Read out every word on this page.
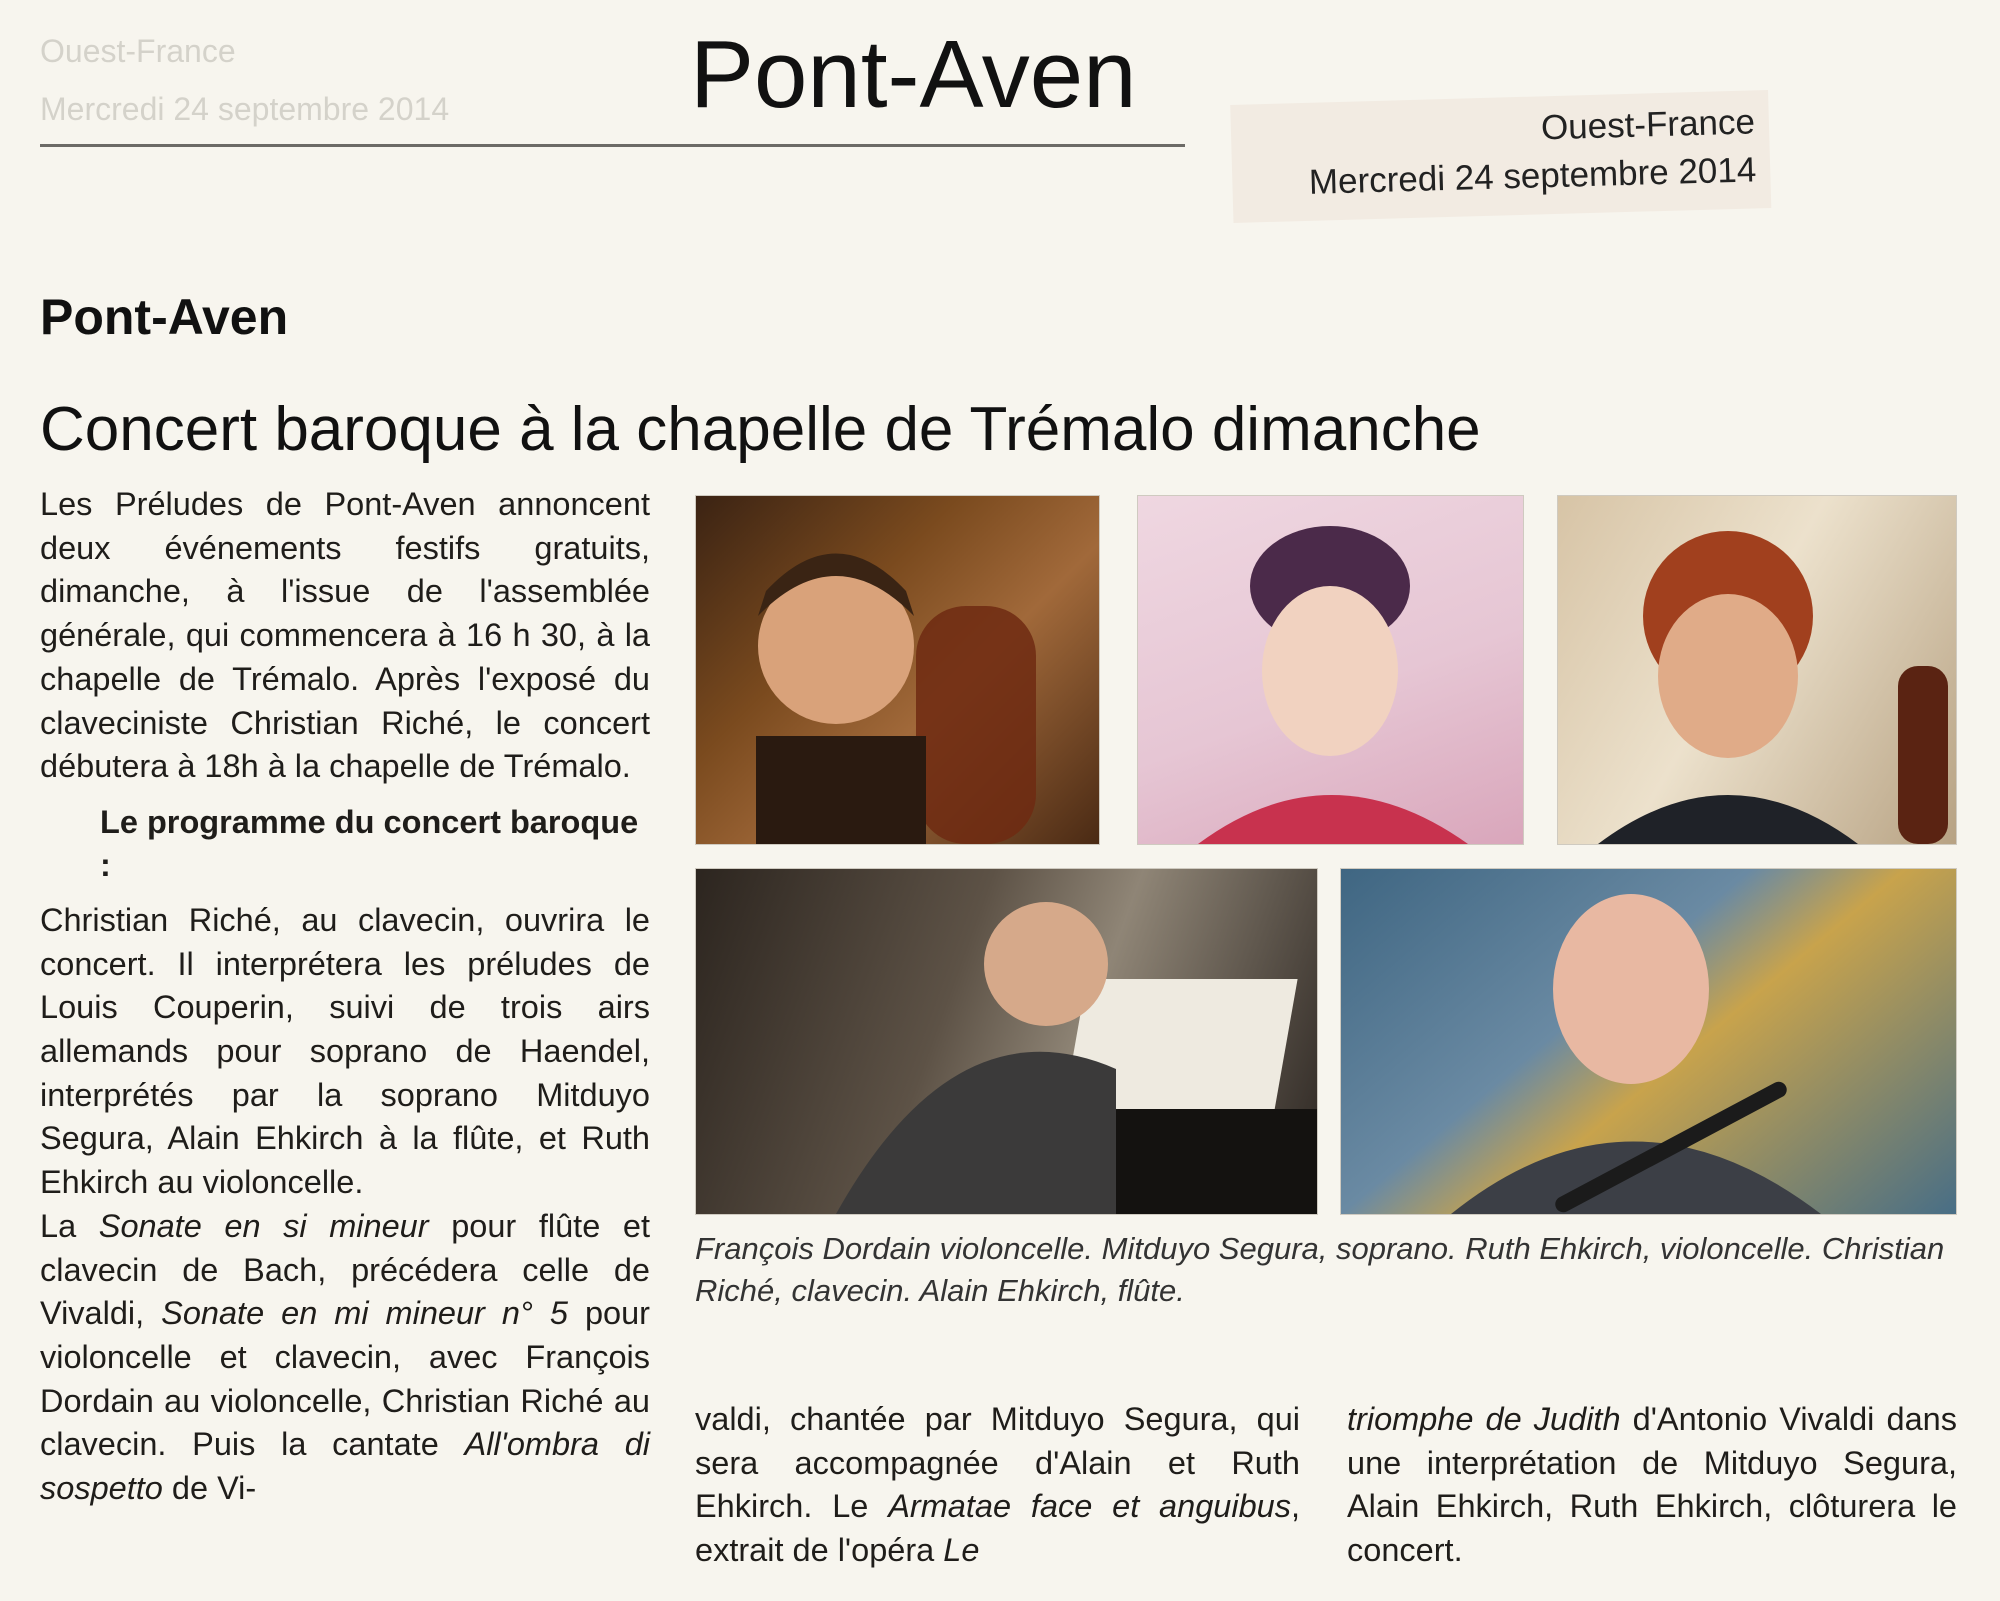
Ouest-France
Mercredi 24 septembre 2014	Pont-Aven	Ouest-France
Mercredi 24 septembre 2014
Pont-Aven
Concert baroque à la chapelle de Trémalo dimanche

Les Préludes de Pont-Aven annoncent deux événements festifs gratuits, dimanche, à l'issue de l'assemblée générale, qui commencera à 16 h 30, à la chapelle de Trémalo. Après l'exposé du claveciniste Christian Riché, le concert débutera à 18h à la chapelle de Trémalo.

Le programme du concert baroque :

Christian Riché, au clavecin, ouvrira le concert. Il interprétera les préludes de Louis Couperin, suivi de trois airs allemands pour soprano de Haendel, interprétés par la soprano Mitduyo Segura, Alain Ehkirch à la flûte, et Ruth Ehkirch au violoncelle.

La Sonate en si mineur pour flûte et clavecin de Bach, précédera celle de Vivaldi, Sonate en mi mineur n° 5 pour violoncelle et clavecin, avec François Dordain au violoncelle, Christian Riché au clavecin. Puis la cantate All'ombra di sospetto de Vi-

François Dordain violoncelle. Mitduyo Segura, soprano. Ruth Ehkirch, violoncelle. Christian Riché, clavecin. Alain Ehkirch, flûte.

valdi, chantée par Mitduyo Segura, qui sera accompagnée d'Alain et Ruth Ehkirch. Le Armatae face et anguibus, extrait de l'opéra Le

triomphe de Judith d'Antonio Vivaldi dans une interprétation de Mitduyo Segura, Alain Ehkirch, Ruth Ehkirch, clôturera le concert.
